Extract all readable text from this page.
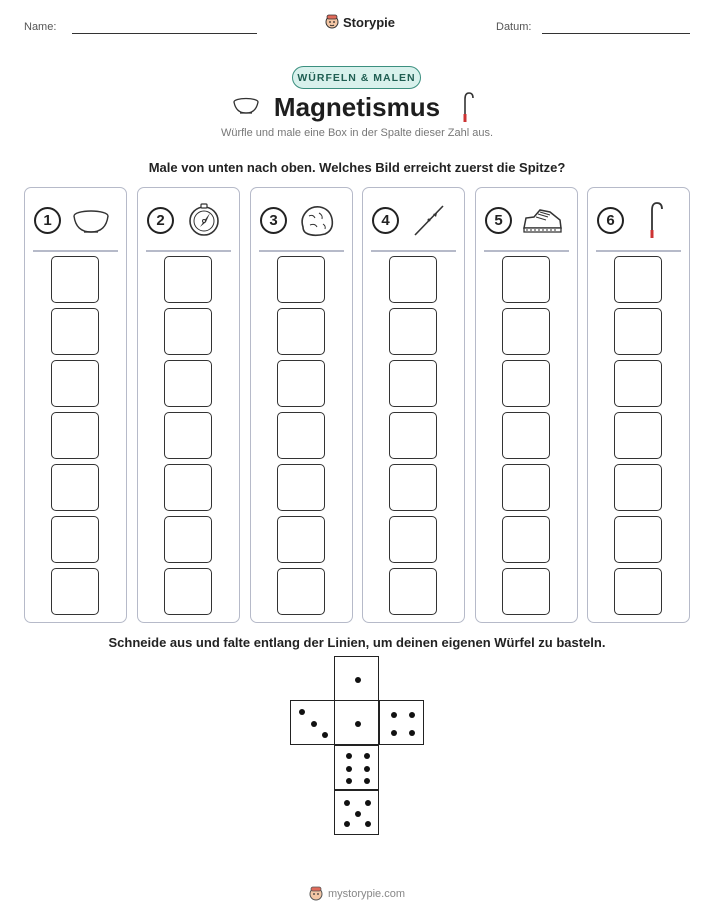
Name:	Storypie	Datum:
WÜRFELN & MALEN
Magnetismus
Würfle und male eine Box in der Spalte dieser Zahl aus.
Male von unten nach oben. Welches Bild erreicht zuerst die Spitze?
1	2	3	4	5	6
Schneide aus und falte entlang der Linien, um deinen eigenen Würfel zu basteln.
mystorypie.com
